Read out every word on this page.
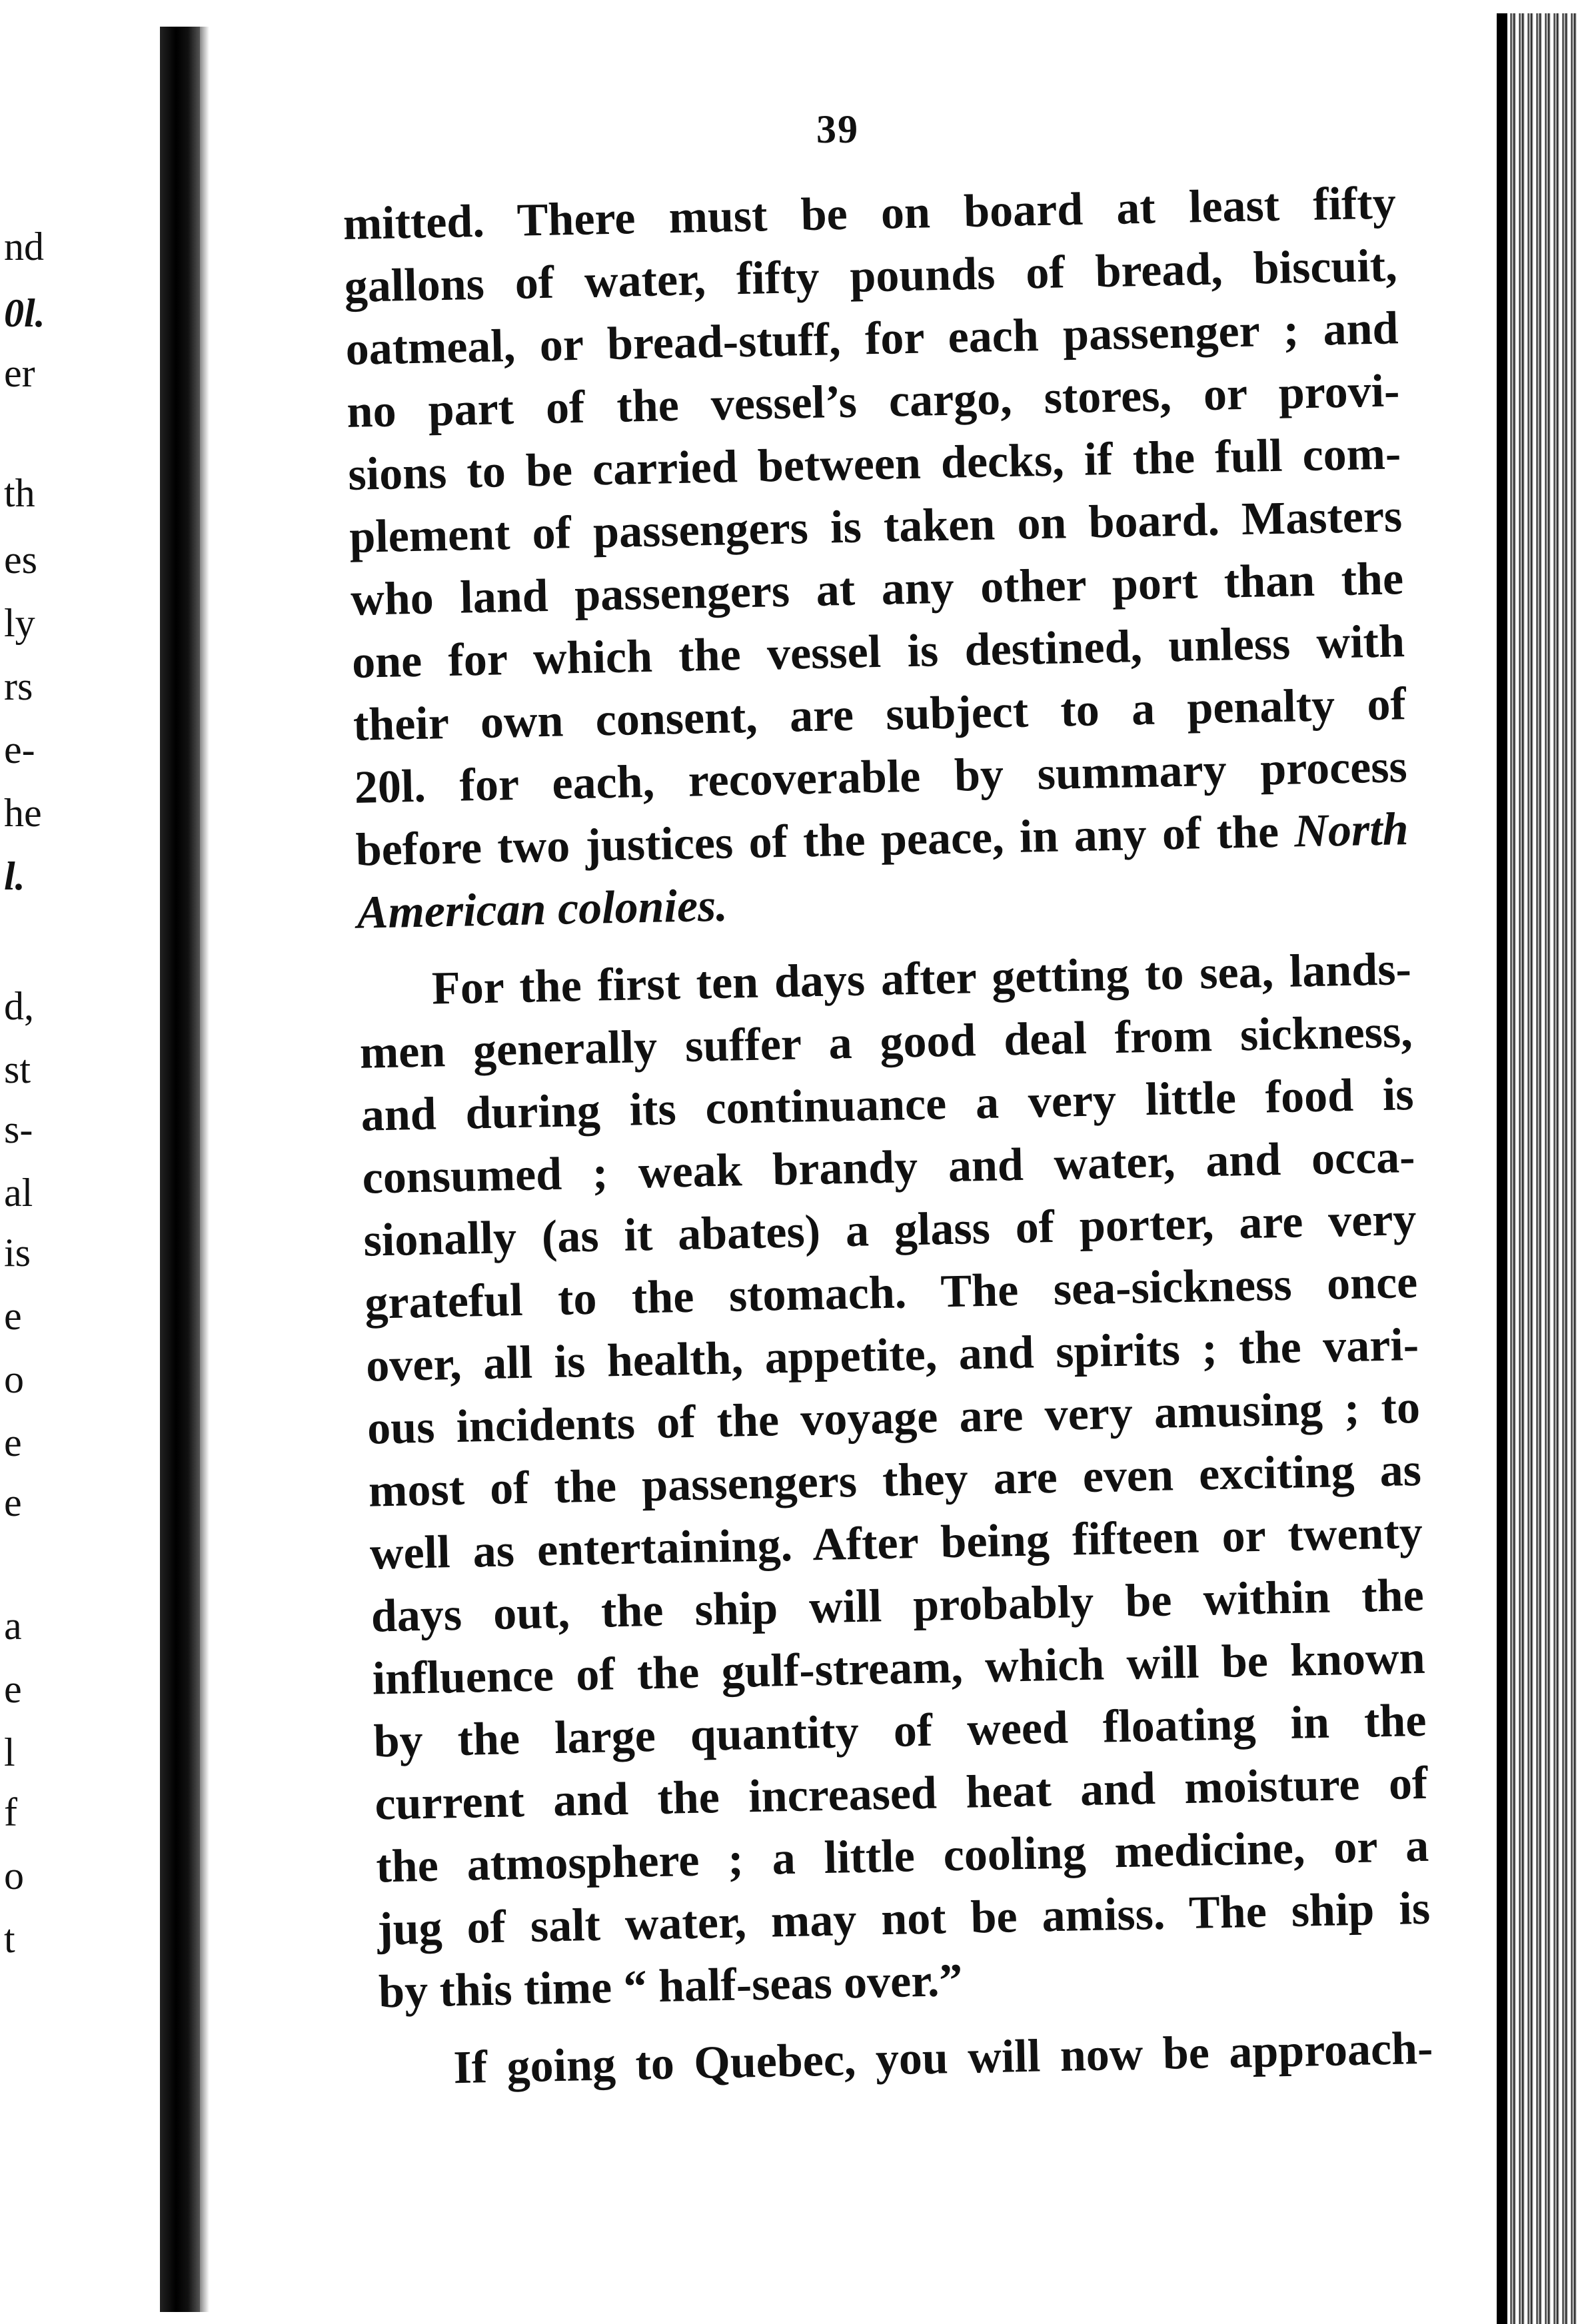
nd
0l.
er
th
es
ly
rs
e-
he
l.
d,
st
s-
al
is
e
o
e
e
a
e
l
f
o
t
39
mitted. There must be on board at least fifty
gallons of water, fifty pounds of bread, biscuit,
oatmeal, or bread-stuff, for each passenger ; and
no part of the vessel’s cargo, stores, or provi-
sions to be carried between decks, if the full com-
plement of passengers is taken on board. Masters
who land passengers at any other port than the
one for which the vessel is destined, unless with
their own consent, are subject to a penalty of
20l. for each, recoverable by summary process
before two justices of the peace, in any of the North
American colonies.
For the first ten days after getting to sea, lands-
men generally suffer a good deal from sickness,
and during its continuance a very little food is
consumed ; weak brandy and water, and occa-
sionally (as it abates) a glass of porter, are very
grateful to the stomach. The sea-sickness once
over, all is health, appetite, and spirits ; the vari-
ous incidents of the voyage are very amusing ; to
most of the passengers they are even exciting as
well as entertaining. After being fifteen or twenty
days out, the ship will probably be within the
influence of the gulf-stream, which will be known
by the large quantity of weed floating in the
current and the increased heat and moisture of
the atmosphere ; a little cooling medicine, or a
jug of salt water, may not be amiss. The ship is
by this time “ half-seas over.”
If going to Quebec, you will now be approach-
